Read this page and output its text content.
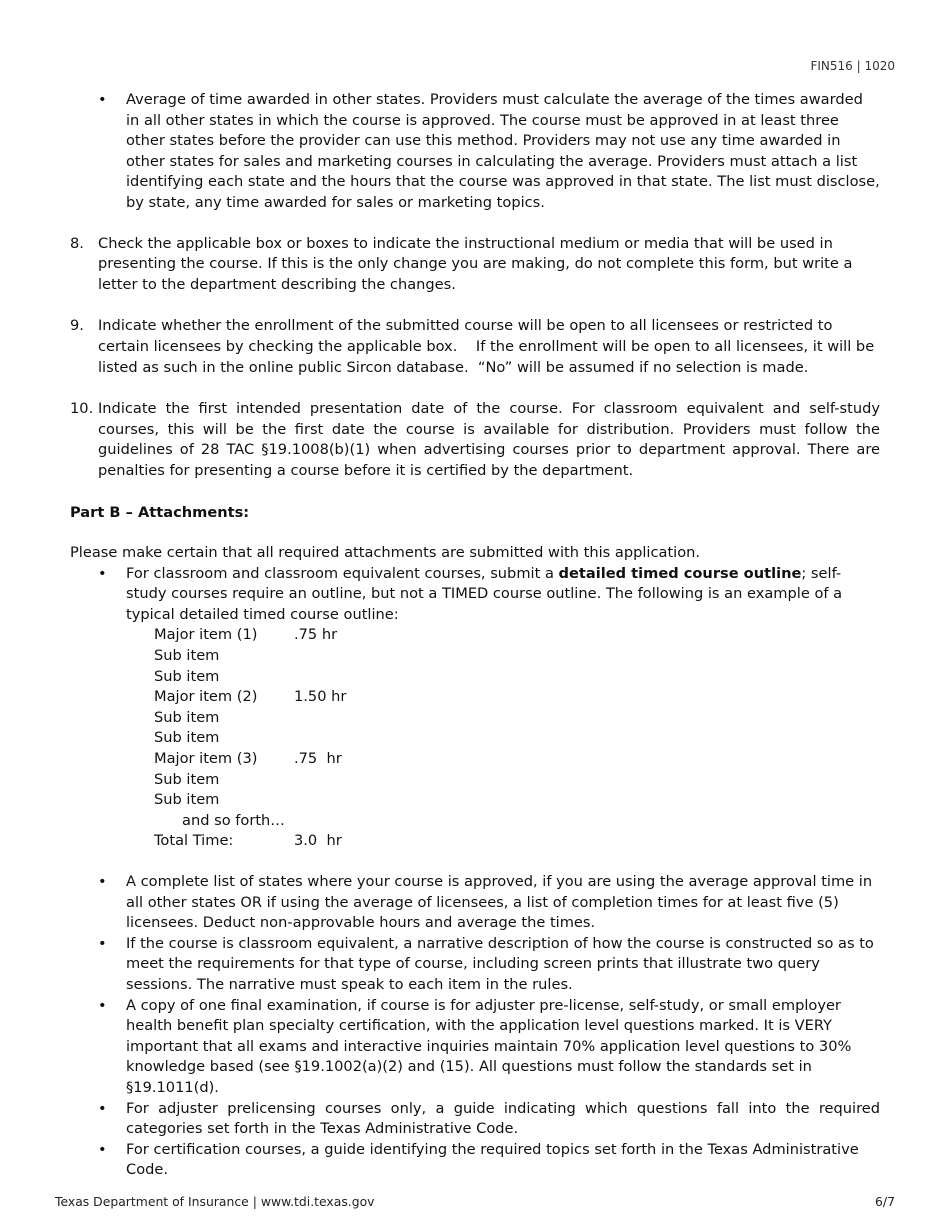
FIN516 | 1020
• Average of time awarded in other states. Providers must calculate the average of the times awarded in all other states in which the course is approved. The course must be approved in at least three other states before the provider can use this method. Providers may not use any time awarded in other states for sales and marketing courses in calculating the average. Providers must attach a list identifying each state and the hours that the course was approved in that state. The list must disclose, by state, any time awarded for sales or marketing topics.
8. Check the applicable box or boxes to indicate the instructional medium or media that will be used in presenting the course. If this is the only change you are making, do not complete this form, but write a letter to the department describing the changes.
9. Indicate whether the enrollment of the submitted course will be open to all licensees or restricted to certain licensees by checking the applicable box.    If the enrollment will be open to all licensees, it will be listed as such in the online public Sircon database.  “No” will be assumed if no selection is made.
10. Indicate the first intended presentation date of the course. For classroom equivalent and self-study courses, this will be the first date the course is available for distribution. Providers must follow the guidelines of 28 TAC §19.1008(b)(1) when advertising courses prior to department approval. There are penalties for presenting a course before it is certified by the department.
Part B – Attachments:
Please make certain that all required attachments are submitted with this application.
• For classroom and classroom equivalent courses, submit a detailed timed course outline; self- study courses require an outline, but not a TIMED course outline. The following is an example of a typical detailed timed course outline:
Major item (1)	.75 hr
Sub item
Sub item
Major item (2)	1.50 hr
Sub item
Sub item
Major item (3)	.75  hr
Sub item
Sub item
and so forth…
Total Time:	3.0  hr
• A complete list of states where your course is approved, if you are using the average approval time in all other states OR if using the average of licensees, a list of completion times for at least five (5) licensees. Deduct non-approvable hours and average the times.
• If the course is classroom equivalent, a narrative description of how the course is constructed so as to meet the requirements for that type of course, including screen prints that illustrate two query sessions. The narrative must speak to each item in the rules.
• A copy of one final examination, if course is for adjuster pre-license, self-study, or small employer health benefit plan specialty certification, with the application level questions marked. It is VERY important that all exams and interactive inquiries maintain 70% application level questions to 30% knowledge based (see §19.1002(a)(2) and (15). All questions must follow the standards set in §19.1011(d).
• For adjuster prelicensing courses only, a guide indicating which questions fall into the required categories set forth in the Texas Administrative Code.
• For certification courses, a guide identifying the required topics set forth in the Texas Administrative Code.
Texas Department of Insurance | www.tdi.texas.gov	6/7
